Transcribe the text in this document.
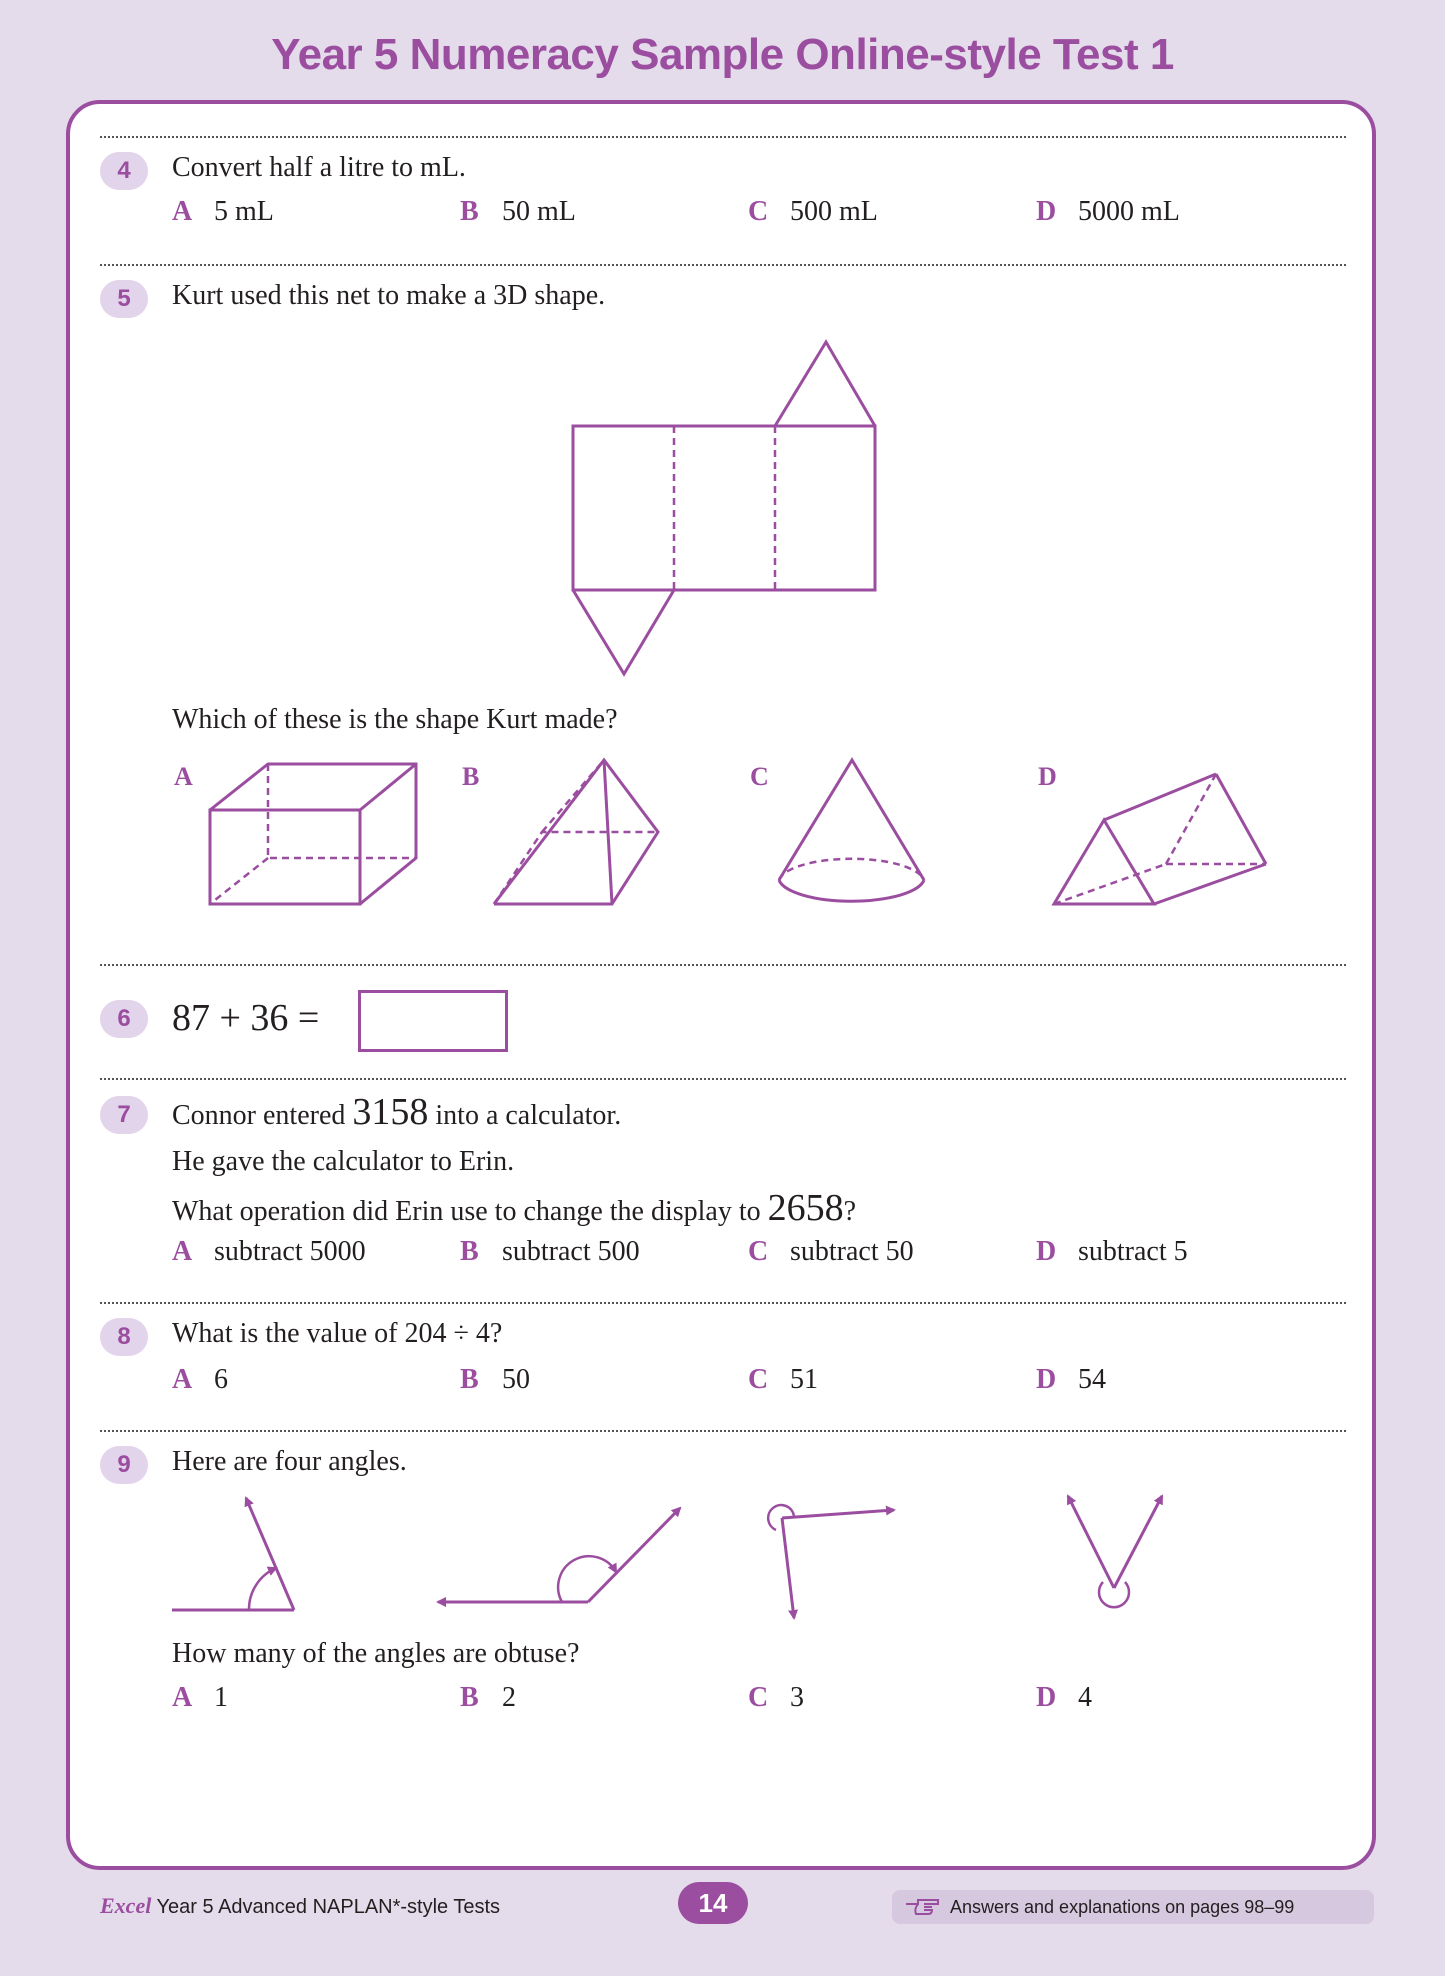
Year 5 Numeracy Sample Online-style Test 1
4	Convert half a litre to mL.
A 5 mL	B 50 mL	C 500 mL	D 5000 mL
5	Kurt used this net to make a 3D shape.
Which of these is the shape Kurt made?
A	B	C	D
6	87 + 36 =
7	Connor entered 3158 into a calculator.
He gave the calculator to Erin.
What operation did Erin use to change the display to 2658?
A subtract 5000	B subtract 500	C subtract 50	D subtract 5
8	What is the value of 204 ÷ 4?
A 6	B 50	C 51	D 54
9	Here are four angles.
How many of the angles are obtuse?
A 1	B 2	C 3	D 4
Excel Year 5 Advanced NAPLAN*-style Tests	14	Answers and explanations on pages 98–99
